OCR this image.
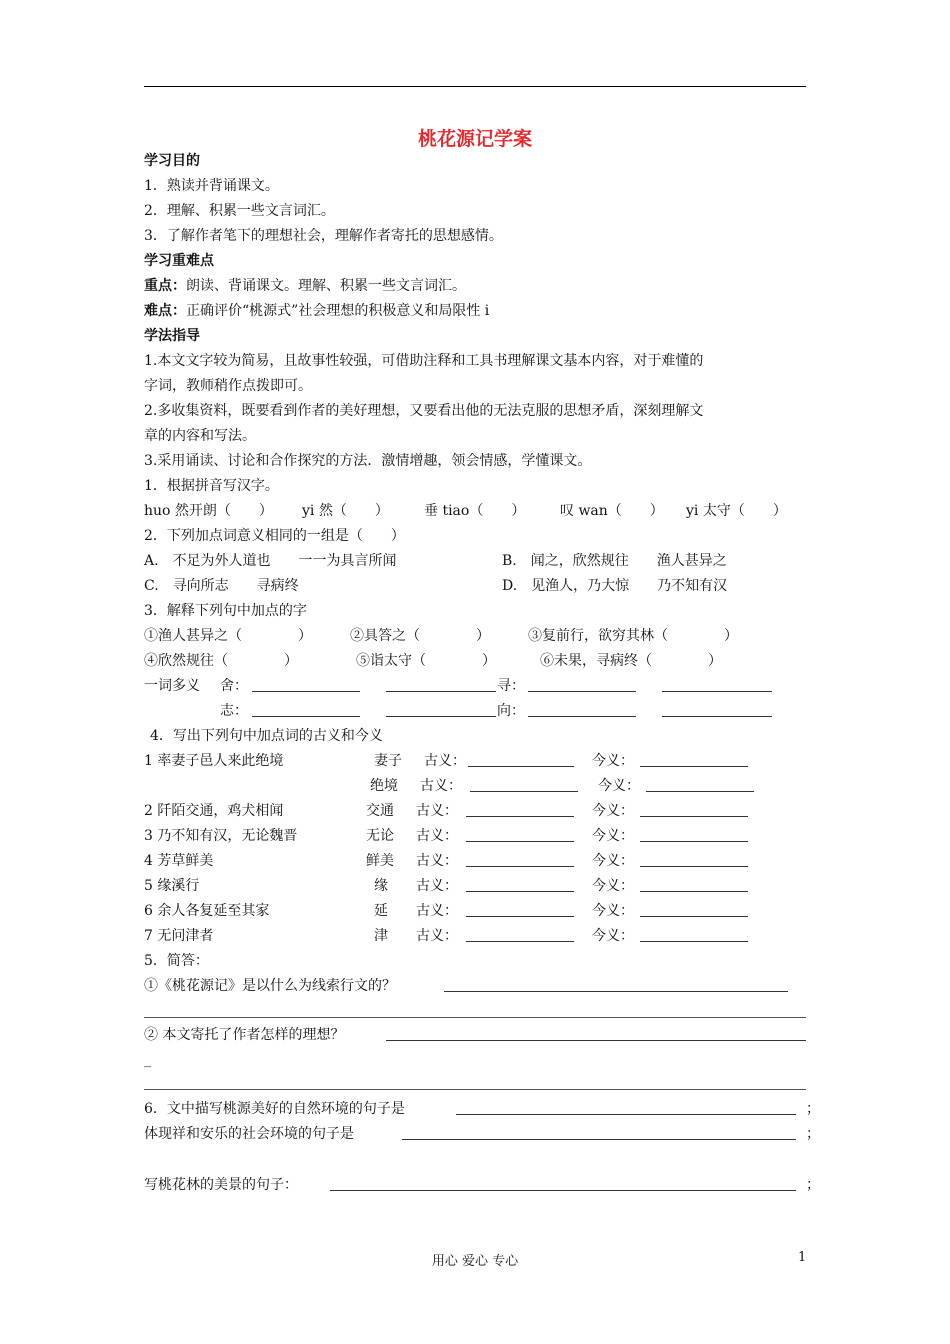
桃花源记学案
学习目的
1．熟读并背诵课文。
2．理解、积累一些文言词汇。
3．了解作者笔下的理想社会，理解作者寄托的思想感情。
学习重难点
重点：朗读、背诵课文。理解、积累一些文言词汇。
难点：正确评价“桃源式”社会理想的积极意义和局限性 i
学法指导
1.本文文字较为简易，且故事性较强，可借助注释和工具书理解课文基本内容，对于难懂的
字词，教师稍作点拨即可。
2.多收集资料，既要看到作者的美好理想，又要看出他的无法克服的思想矛盾，深刻理解文
章的内容和写法。
3.采用诵读、讨论和合作探究的方法．激情增趣，领会情感，学懂课文。
1．根据拼音写汉字。
huo 然开朗（　　） yi 然（　　）	垂 tiao（　　） 叹 wan（　　） yi 太守（　　）
2．下列加点词意义相同的一组是（　　）
A.　不足为外人道也　　一一为具言所闻	B.　闻之，欣然规往　　渔人甚异之
C.　寻向所志　　寻病终	D.　见渔人，乃大惊　　乃不知有汉
3．解释下列句中加点的字
①渔人甚异之（　　　　）	②具答之（　　　　）	③复前行，欲穷其林（　　　　）
④欣然规往（　　　　）	⑤诣太守（　　　　）	⑥未果，寻病终（　　　　）
一词多义 舍：	寻：
志：	向：
4．写出下列句中加点词的古义和今义
1 率妻子邑人来此绝境	妻子 古义：	今义：
绝境 古义：	今义：
2 阡陌交通，鸡犬相闻	交通 古义：	今义：
3 乃不知有汉，无论魏晋	无论 古义：	今义：
4 芳草鲜美	鲜美 古义：	今义：
5 缘溪行	缘 古义：	今义：
6 余人各复延至其家	延 古义：	今义：
7 无问津者	津 古义：	今义：
5．简答：
①《桃花源记》是以什么为线索行文的？
② 本文寄托了作者怎样的理想？
_
6．文中描写桃源美好的自然环境的句子是	；
体现祥和安乐的社会环境的句子是	；
写桃花林的美景的句子：	；
用心 爱心 专心	1
